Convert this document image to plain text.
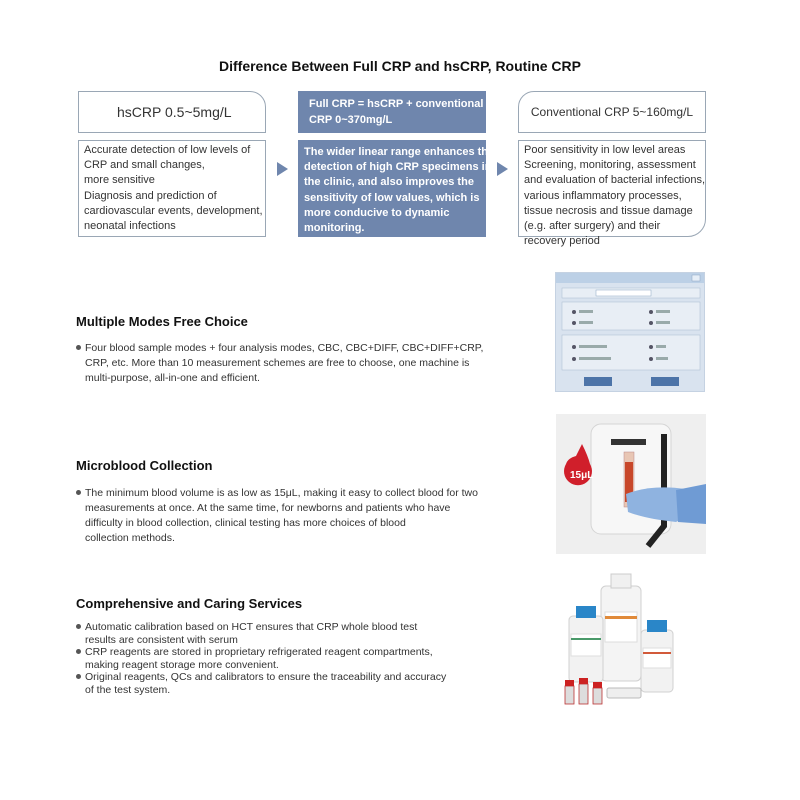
Difference Between Full CRP and hsCRP, Routine CRP
hsCRP 0.5~5mg/L	Full CRP = hsCRP + conventional
CRP 0~370mg/L
Conventional CRP 5~160mg/L
Accurate detection of low levels of
CRP and small changes,
more sensitive
Diagnosis and prediction of
cardiovascular events, development,
neonatal infections
The wider linear range enhances the
detection of high CRP specimens in
the clinic, and also improves the
sensitivity of low values, which is
more conducive to dynamic
monitoring.
Poor sensitivity in low level areas
Screening, monitoring, assessment
and evaluation of bacterial infections,
various inflammatory processes,
tissue necrosis and tissue damage
(e.g. after surgery) and their
recovery period
Multiple Modes Free Choice
Four blood sample modes + four analysis modes, CBC, CBC+DIFF, CBC+DIFF+CRP,
CRP, etc. More than 10 measurement schemes are free to choose, one machine is
multi-purpose, all-in-one and efficient.
Microblood Collection
The minimum blood volume is as low as 15μL, making it easy to collect blood for two
measurements at once. At the same time, for newborns and patients who have
difficulty in blood collection, clinical testing has more choices of blood
collection methods.
Comprehensive and Caring Services
Automatic calibration based on HCT ensures that CRP whole blood test
results are consistent with serum
CRP reagents are stored in proprietary refrigerated reagent compartments,
making reagent storage more convenient.
Original reagents, QCs and calibrators to ensure the traceability and accuracy
of the test system.
15μL
